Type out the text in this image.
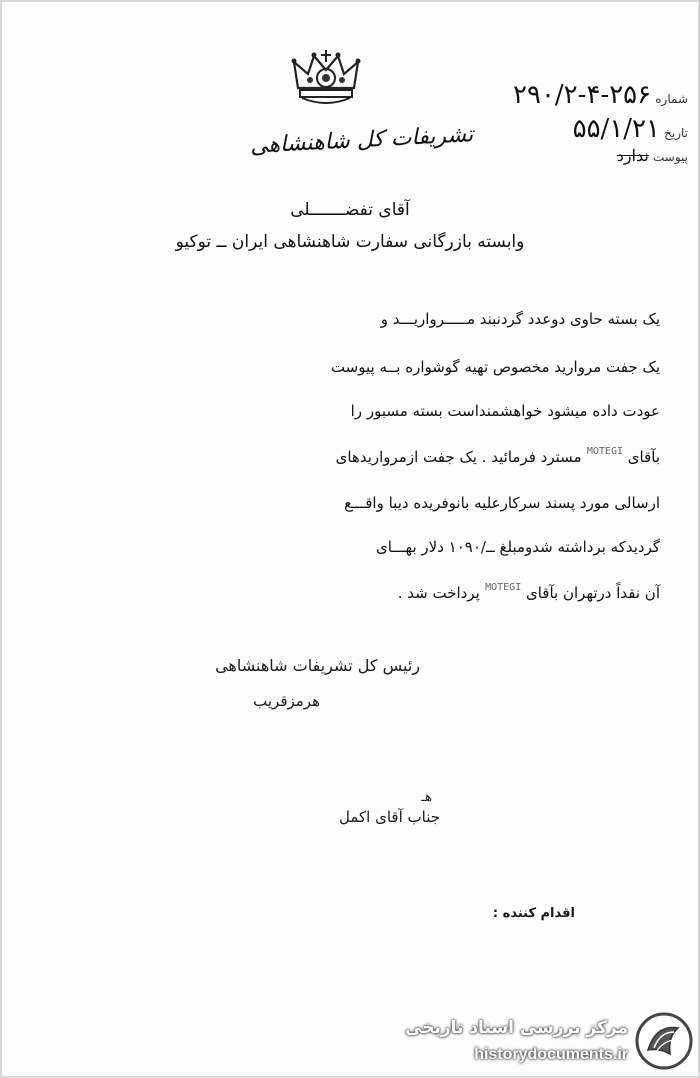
شماره ۲۵۶-۴-۲۹۰/۲
تاریخ ۵۵/۱/۲۱
پیوست ندارد
تشریفات کل شاهنشاهی
آقای تفضـــــــلی
وابسته بازرگانی سفارت شاهنشاهی ایران ــ توکیو
یک بسته حاوی دوعدد گردنبند مـــــرواریـــد و
یک جفت مروارید مخصوص تهیه گوشواره بــه پیوست
عودت داده میشود خواهشمنداست بسته مسبور را
بآقای $^{MOTEGI}$ مسترد فرمائید . یک جفت ازمرواریدهای
ارسالی مورد پسند سرکارعلیه بانوفریده دیبا واقـــع
گردیدکه برداشته شدومبلغ ــ/۱۰۹۰ دلار بهـــای
آن نقداً درتهران بآقای $^{MOTEGI}$ پرداخت شد .
رئیس کل تشریفات شاهنشاهی
هرمزقریب
هـ
جناب آقای اکمل
اقدام کننده :
مرکز بررسی اسناد تاریخی
historydocuments.ir
